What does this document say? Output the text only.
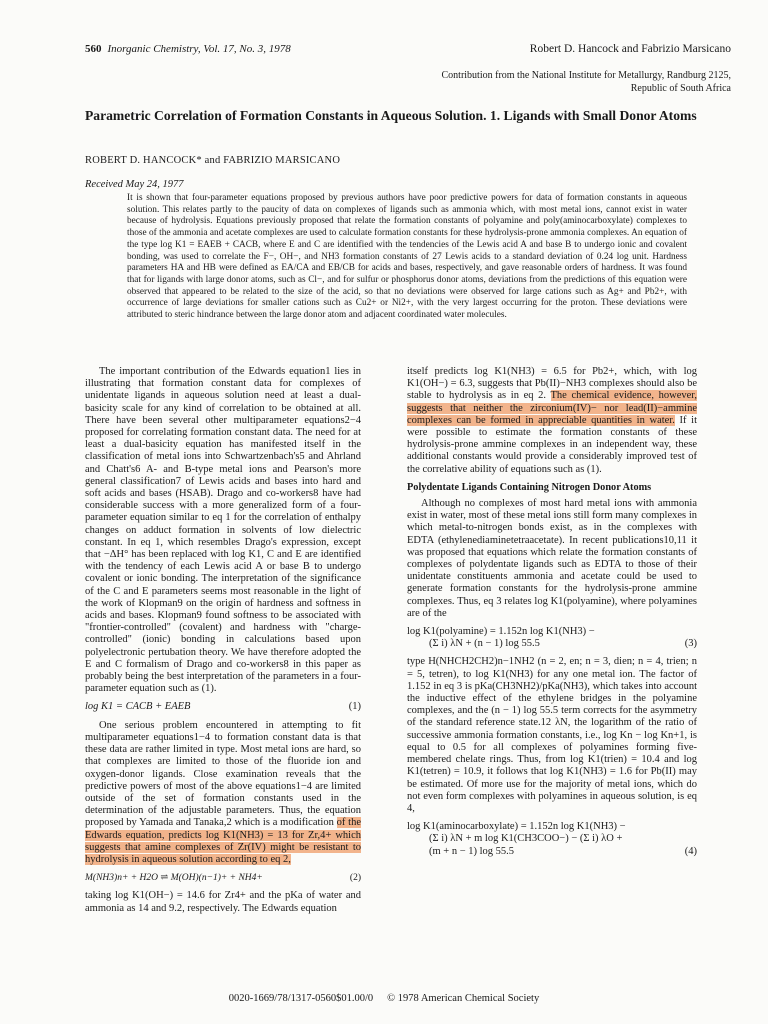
560 Inorganic Chemistry, Vol. 17, No. 3, 1978	Robert D. Hancock and Fabrizio Marsicano
Contribution from the National Institute for Metallurgy, Randburg 2125, Republic of South Africa
Parametric Correlation of Formation Constants in Aqueous Solution. 1. Ligands with Small Donor Atoms
ROBERT D. HANCOCK* and FABRIZIO MARSICANO
Received May 24, 1977

It is shown that four-parameter equations proposed by previous authors have poor predictive powers for data of formation constants in aqueous solution. This relates partly to the paucity of data on complexes of ligands such as ammonia which, with most metal ions, cannot exist in water because of hydrolysis. Equations previously proposed that relate the formation constants of polyamine and poly(aminocarboxylate) complexes to those of the ammonia and acetate complexes are used to calculate formation constants for these hydrolysis-prone ammonia complexes. An equation of the type log K1 = EAEB + CACB, where E and C are identified with the tendencies of the Lewis acid A and base B to undergo ionic and covalent bonding, was used to correlate the F−, OH−, and NH3 formation constants of 27 Lewis acids to a standard deviation of 0.24 log unit. Hardness parameters HA and HB were defined as EA/CA and EB/CB for acids and bases, respectively, and gave reasonable orders of hardness. It was found that for ligands with large donor atoms, such as Cl−, and for sulfur or phosphorus donor atoms, deviations from the predictions of this equation were observed that appeared to be related to the size of the acid, so that no deviations were observed for large cations such as Ag+ and Pb2+, with occurrence of large deviations for smaller cations such as Cu2+ or Ni2+, with the very largest occurring for the proton. These deviations were attributed to steric hindrance between the large donor atom and adjacent coordinated water molecules.

The important contribution of the Edwards equation1 lies in illustrating that formation constant data for complexes of unidentate ligands in aqueous solution need at least a dual-basicity scale for any kind of correlation to be obtained at all. There have been several other multiparameter equations2−4 proposed for correlating formation constant data. The need for at least a dual-basicity equation has manifested itself in the classification of metal ions into Schwartzenbach's5 and Ahrland and Chatt's6 A- and B-type metal ions and Pearson's more general classification7 of Lewis acids and bases into hard and soft acids and bases (HSAB). Drago and co-workers8 have had considerable success with a more generalized form of a four-parameter equation similar to eq 1 for the correlation of enthalpy changes on adduct formation in solvents of low dielectric constant. In eq 1, which resembles Drago's expression, except that −ΔH° has been replaced with log K1, C and E are identified with the tendency of each Lewis acid A or base B to undergo covalent or ionic bonding. The interpretation of the significance of the C and E parameters seems most reasonable in the light of the work of Klopman9 on the origin of hardness and softness in acids and bases. Klopman9 found softness to be associated with "frontier-controlled" (covalent) and hardness with "charge-controlled" (ionic) bonding in calculations based upon polyelectronic pertubation theory. We have therefore adopted the E and C formalism of Drago and co-workers8 in this paper as probably being the best interpretation of the parameters in a four-parameter equation such as (1).

log K1 = CACB + EAEB	(1)

One serious problem encountered in attempting to fit multiparameter equations1−4 to formation constant data is that these data are rather limited in type. Most metal ions are hard, so that complexes are limited to those of the fluoride ion and oxygen-donor ligands. Close examination reveals that the predictive powers of most of the above equations1−4 are limited outside of the set of formation constants used in the determination of the adjustable parameters. Thus, the equation proposed by Yamada and Tanaka,2 which is a modification of the Edwards equation, predicts log K1(NH3) = 13 for Zr,4+ which suggests that amine complexes of Zr(IV) might be resistant to hydrolysis in aqueous solution according to eq 2,

M(NH3)n+ + H2O ⇌ M(OH)(n−1)+ + NH4+	(2)

taking log K1(OH−) = 14.6 for Zr4+ and the pKa of water and ammonia as 14 and 9.2, respectively. The Edwards equation

itself predicts log K1(NH3) = 6.5 for Pb2+, which, with log K1(OH−) = 6.3, suggests that Pb(II)−NH3 complexes should also be stable to hydrolysis as in eq 2. The chemical evidence, however, suggests that neither the zirconium(IV)− nor lead(II)−ammine complexes can be formed in appreciable quantities in water. If it were possible to estimate the formation constants of these hydrolysis-prone ammine complexes in an independent way, these additional constants would provide a considerably improved test of the correlative ability of equations such as (1).

Polydentate Ligands Containing Nitrogen Donor Atoms

Although no complexes of most hard metal ions with ammonia exist in water, most of these metal ions still form many complexes in which metal-to-nitrogen bonds exist, as in the complexes with EDTA (ethylenediaminetetraacetate). In recent publications10,11 it was proposed that equations which relate the formation constants of complexes of polydentate ligands such as EDTA to those of their unidentate constituents ammonia and acetate could be used to generate formation constants for the hydrolysis-prone ammine complexes. Thus, eq 3 relates log K1(polyamine), where polyamines are of the

log K1(polyamine) = 1.152n log K1(NH3) −
(Σ i) λN + (n − 1) log 55.5	(3)

type H(NHCH2CH2)n−1NH2 (n = 2, en; n = 3, dien; n = 4, trien; n = 5, tetren), to log K1(NH3) for any one metal ion. The factor of 1.152 in eq 3 is pKa(CH3NH2)/pKa(NH3), which takes into account the inductive effect of the ethylene bridges in the polyamine complexes, and the (n − 1) log 55.5 term corrects for the asymmetry of the standard reference state.12 λN, the logarithm of the ratio of successive ammonia formation constants, i.e., log Kn − log Kn+1, is equal to 0.5 for all complexes of polyamines forming five-membered chelate rings. Thus, from log K1(trien) = 10.4 and log K1(tetren) = 10.9, it follows that log K1(NH3) = 1.6 for Pb(II) may be estimated. Of more use for the majority of metal ions, which do not even form complexes with polyamines in aqueous solution, is eq 4,

log K1(aminocarboxylate) = 1.152n log K1(NH3) −
(Σ i) λN + m log K1(CH3COO−) − (Σ i) λO +
(m + n − 1) log 55.5	(4)
0020-1669/78/1317-0560$01.00/0 © 1978 American Chemical Society
